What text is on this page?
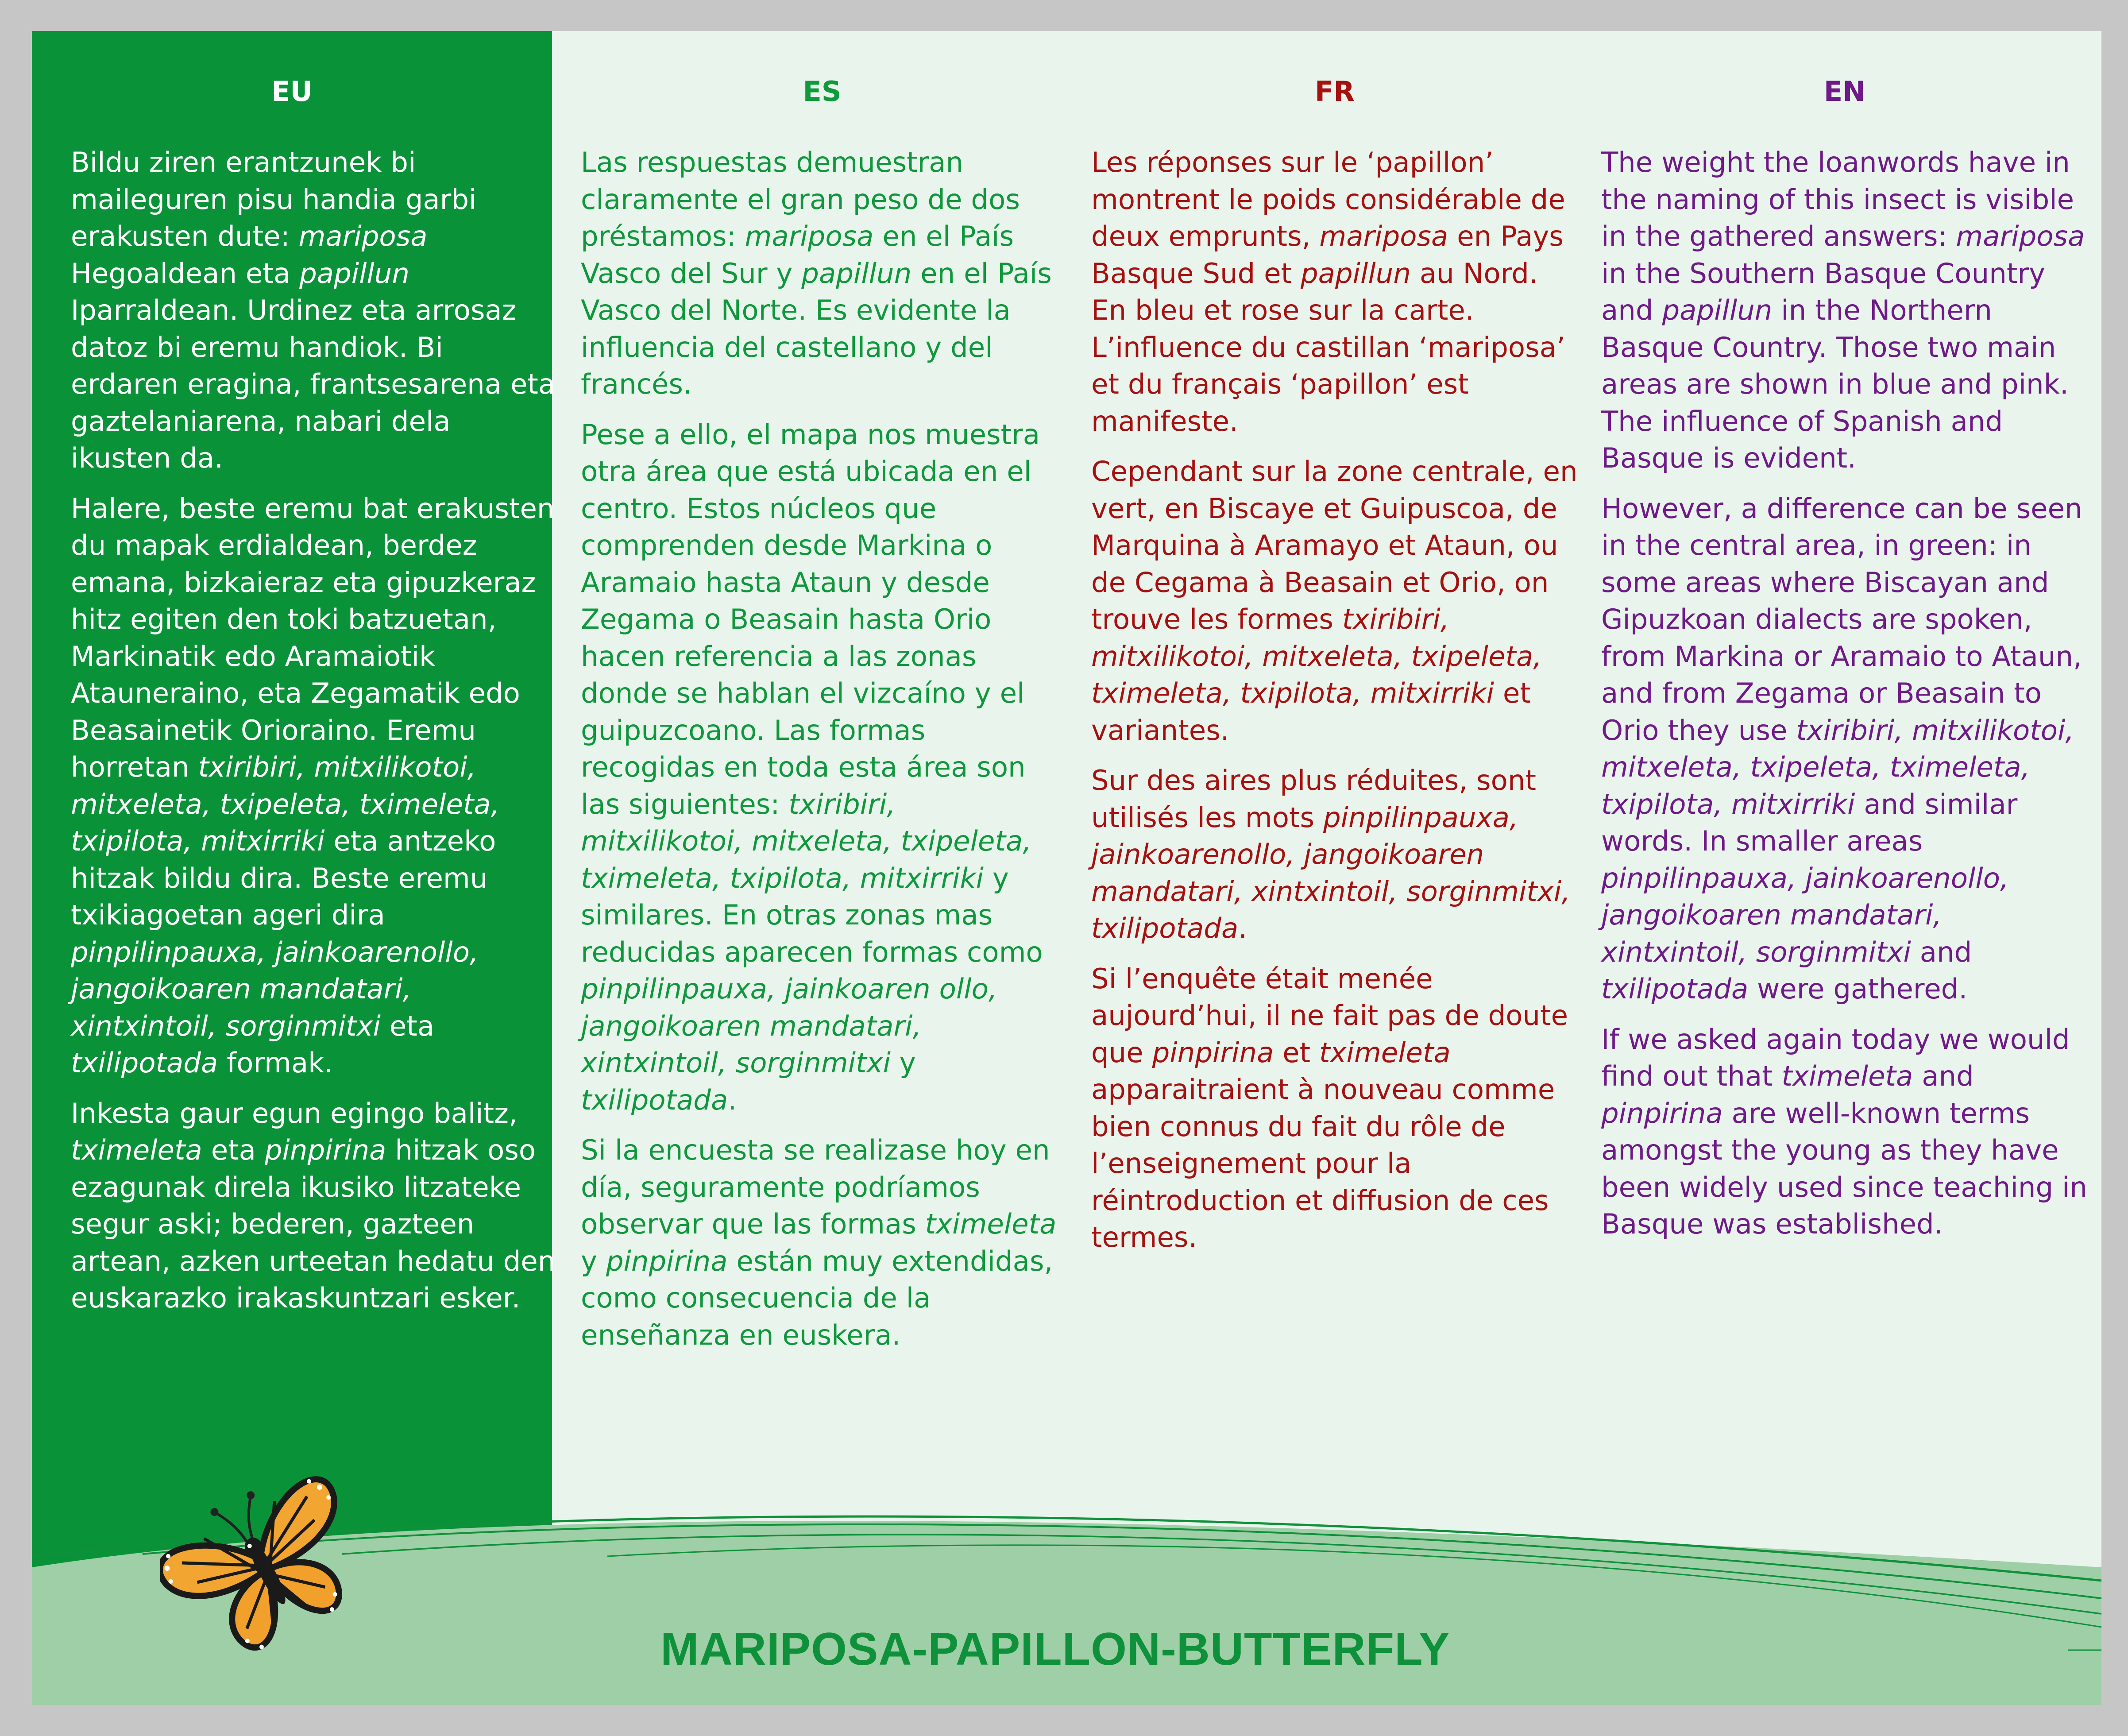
EU

Bildu ziren erantzunek bi maileguren pisu handia garbi erakusten dute: mariposa Hegoaldean eta papillun Iparraldean. Urdinez eta arrosaz datoz bi eremu handiok. Bi erdaren eragina, frantsesarena eta gaztelaniarena, nabari dela ikusten da.

Halere, beste eremu bat erakusten du mapak erdialdean, berdez emana, bizkaieraz eta gipuzkeraz hitz egiten den toki batzuetan, Markinatik edo Aramaiotik Atauneraino, eta Zegamatik edo Beasainetik Orioraino. Eremu horretan txiribiri, mitxilikotoi, mitxeleta, txipeleta, tximeleta, txipilota, mitxirriki eta antzeko hitzak bildu dira. Beste eremu txikiagoetan ageri dira pinpilinpauxa, jainkoarenollo, jangoikoaren mandatari, xintxintoil, sorginmitxi eta txilipotada formak.

Inkesta gaur egun egingo balitz, tximeleta eta pinpirina hitzak oso ezagunak direla ikusiko litzateke segur aski; bederen, gazteen artean, azken urteetan hedatu den euskarazko irakaskuntzari esker.

ES

Las respuestas demuestran claramente el gran peso de dos préstamos: mariposa en el País Vasco del Sur y papillun en el País Vasco del Norte. Es evidente la influencia del castellano y del francés.

Pese a ello, el mapa nos muestra otra área que está ubicada en el centro. Estos núcleos que comprenden desde Markina o Aramaio hasta Ataun y desde Zegama o Beasain hasta Orio hacen referencia a las zonas donde se hablan el vizcaíno y el guipuzcoano. Las formas recogidas en toda esta área son las siguientes: txiribiri, mitxilikotoi, mitxeleta, txipeleta, tximeleta, txipilota, mitxirriki y similares. En otras zonas mas reducidas aparecen formas como pinpilinpauxa, jainkoaren ollo, jangoikoaren mandatari, xintxintoil, sorginmitxi y txilipotada.

Si la encuesta se realizase hoy en día, seguramente podríamos observar que las formas tximeleta y pinpirina están muy extendidas, como consecuencia de la enseñanza en euskera.

FR

Les réponses sur le ‘papillon’ montrent le poids considérable de deux emprunts, mariposa en Pays Basque Sud et papillun au Nord. En bleu et rose sur la carte. L’influence du castillan ‘mariposa’ et du français ‘papillon’ est manifeste.

Cependant sur la zone centrale, en vert, en Biscaye et Guipuscoa, de Marquina à Aramayo et Ataun, ou de Cegama à Beasain et Orio, on trouve les formes txiribiri, mitxilikotoi, mitxeleta, txipeleta, tximeleta, txipilota, mitxirriki et variantes.

Sur des aires plus réduites, sont utilisés les mots pinpilinpauxa, jainkoarenollo, jangoikoaren mandatari, xintxintoil, sorginmitxi, txilipotada.

Si l’enquête était menée aujourd’hui, il ne fait pas de doute que pinpirina et tximeleta apparaitraient à nouveau comme bien connus du fait du rôle de l’enseignement pour la réintroduction et diffusion de ces termes.

EN

The weight the loanwords have in the naming of this insect is visible in the gathered answers: mariposa in the Southern Basque Country and papillun in the Northern Basque Country. Those two main areas are shown in blue and pink. The influence of Spanish and Basque is evident.

However, a difference can be seen in the central area, in green: in some areas where Biscayan and Gipuzkoan dialects are spoken, from Markina or Aramaio to Ataun, and from Zegama or Beasain to Orio they use txiribiri, mitxilikotoi, mitxeleta, txipeleta, tximeleta, txipilota, mitxirriki and similar words. In smaller areas pinpilinpauxa, jainkoarenollo, jangoikoaren mandatari, xintxintoil, sorginmitxi and txilipotada were gathered.

If we asked again today we would find out that tximeleta and pinpirina are well-known terms amongst the young as they have been widely used since teaching in Basque was established.

MARIPOSA-PAPILLON-BUTTERFLY
